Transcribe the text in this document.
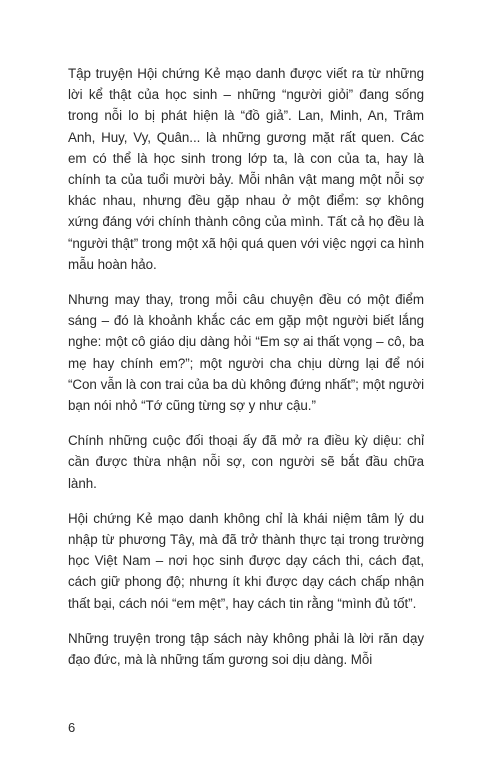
Tập truyện Hội chứng Kẻ mạo danh được viết ra từ những lời kể thật của học sinh – những “người giỏi” đang sống trong nỗi lo bị phát hiện là “đồ giả”. Lan, Minh, An, Trâm Anh, Huy, Vy, Quân... là những gương mặt rất quen. Các em có thể là học sinh trong lớp ta, là con của ta, hay là chính ta của tuổi mười bảy. Mỗi nhân vật mang một nỗi sợ khác nhau, nhưng đều gặp nhau ở một điểm: sợ không xứng đáng với chính thành công của mình. Tất cả họ đều là “người thật” trong một xã hội quá quen với việc ngợi ca hình mẫu hoàn hảo.

Nhưng may thay, trong mỗi câu chuyện đều có một điểm sáng – đó là khoảnh khắc các em gặp một người biết lắng nghe: một cô giáo dịu dàng hỏi “Em sợ ai thất vọng – cô, ba mẹ hay chính em?”; một người cha chịu dừng lại để nói “Con vẫn là con trai của ba dù không đứng nhất”; một người bạn nói nhỏ “Tớ cũng từng sợ y như cậu.”

Chính những cuộc đối thoại ấy đã mở ra điều kỳ diệu: chỉ cần được thừa nhận nỗi sợ, con người sẽ bắt đầu chữa lành.

Hội chứng Kẻ mạo danh không chỉ là khái niệm tâm lý du nhập từ phương Tây, mà đã trở thành thực tại trong trường học Việt Nam – nơi học sinh được dạy cách thi, cách đạt, cách giữ phong độ; nhưng ít khi được dạy cách chấp nhận thất bại, cách nói “em mệt”, hay cách tin rằng “mình đủ tốt”.

Những truyện trong tập sách này không phải là lời răn dạy đạo đức, mà là những tấm gương soi dịu dàng. Mỗi

6
